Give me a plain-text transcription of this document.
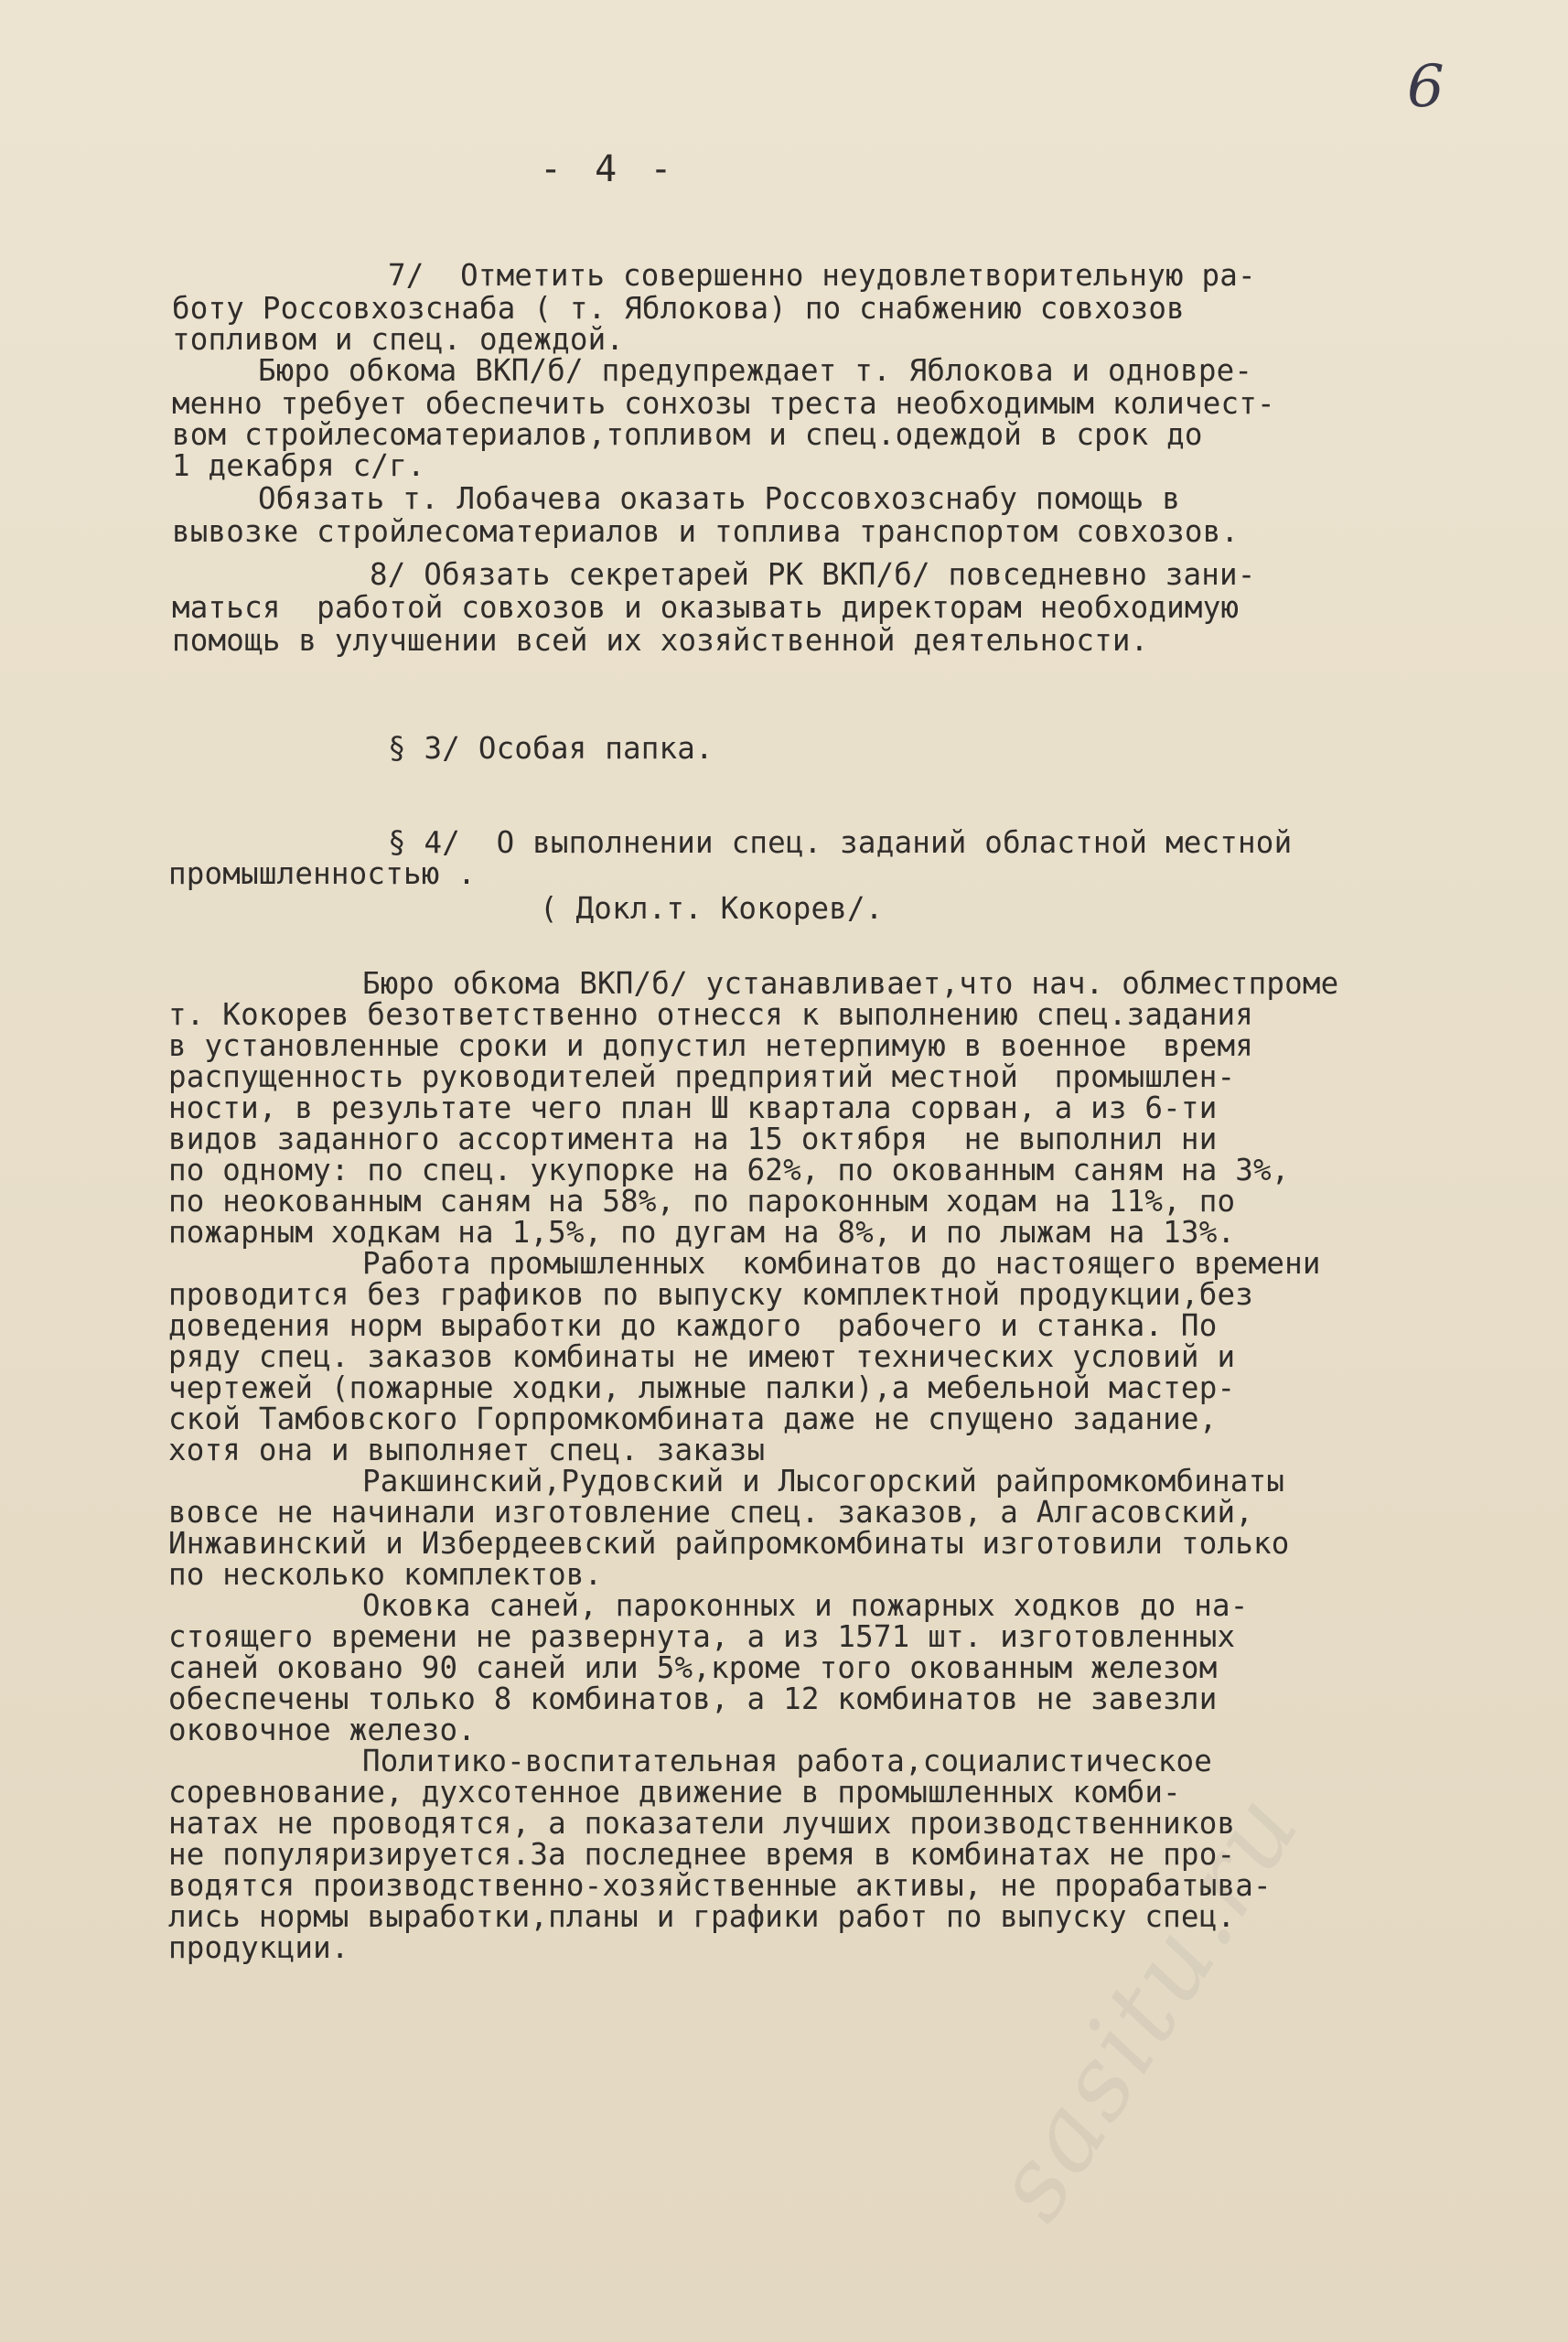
6
- 4 -
7/  Отметить совершенно неудовлетворительную ра-
боту Россовхозснаба ( т. Яблокова) по снабжению совхозов
топливом и спец. одеждой.
Бюро обкома ВКП/б/ предупреждает т. Яблокова и одновре-
менно требует обеспечить сонхозы треста необходимым количест-
вом стройлесоматериалов,топливом и спец.одеждой в срок до
1 декабря с/г.
Обязать т. Лобачева оказать Россовхозснабу помощь в
вывозке стройлесоматериалов и топлива транспортом совхозов.
8/ Обязать секретарей РК ВКП/б/ повседневно зани-
маться  работой совхозов и оказывать директорам необходимую
помощь в улучшении всей их хозяйственной деятельности.
§ 3/ Особая папка.
§ 4/  О выполнении спец. заданий областной местной
промышленностью .
( Докл.т. Кокорев/.
Бюро обкома ВКП/б/ устанавливает,что нач. облместпроме
т. Кокорев безответственно отнесся к выполнению спец.задания
в установленные сроки и допустил нетерпимую в военное  время
распущенность руководителей предприятий местной  промышлен-
ности, в результате чего план Ш квартала сорван, а из 6-ти
видов заданного ассортимента на 15 октября  не выполнил ни
по одному: по спец. укупорке на 62%, по окованным саням на 3%,
по неокованным саням на 58%, по пароконным ходам на 11%, по
пожарным ходкам на 1,5%, по дугам на 8%, и по лыжам на 13%.
Работа промышленных  комбинатов до настоящего времени
проводится без графиков по выпуску комплектной продукции,без
доведения норм выработки до каждого  рабочего и станка. По
ряду спец. заказов комбинаты не имеют технических условий и
чертежей (пожарные ходки, лыжные палки),а мебельной мастер-
ской Тамбовского Горпромкомбината даже не спущено задание,
хотя она и выполняет спец. заказы
Ракшинский,Рудовский и Лысогорский райпромкомбинаты
вовсе не начинали изготовление спец. заказов, а Алгасовский,
Инжавинский и Избердеевский райпромкомбинаты изготовили только
по несколько комплектов.
Оковка саней, пароконных и пожарных ходков до на-
стоящего времени не развернута, а из 1571 шт. изготовленных
саней окoвано 90 саней или 5%,кроме того окованным железом
обеспечены только 8 комбинатов, а 12 комбинатов не завезли
оковочное железо.
Политико-воспитательная работа,социалистическое
соревнование, духсотенное движение в промышленных комби-
натах не проводятся, а показатели лучших производственников
не популяризируется.За последнее время в комбинатах не про-
водятся производственно-хозяйственные активы, не прорабатыва-
лись нормы выработки,планы и графики работ по выпуску спец.
продукции.	sasitu.ru
